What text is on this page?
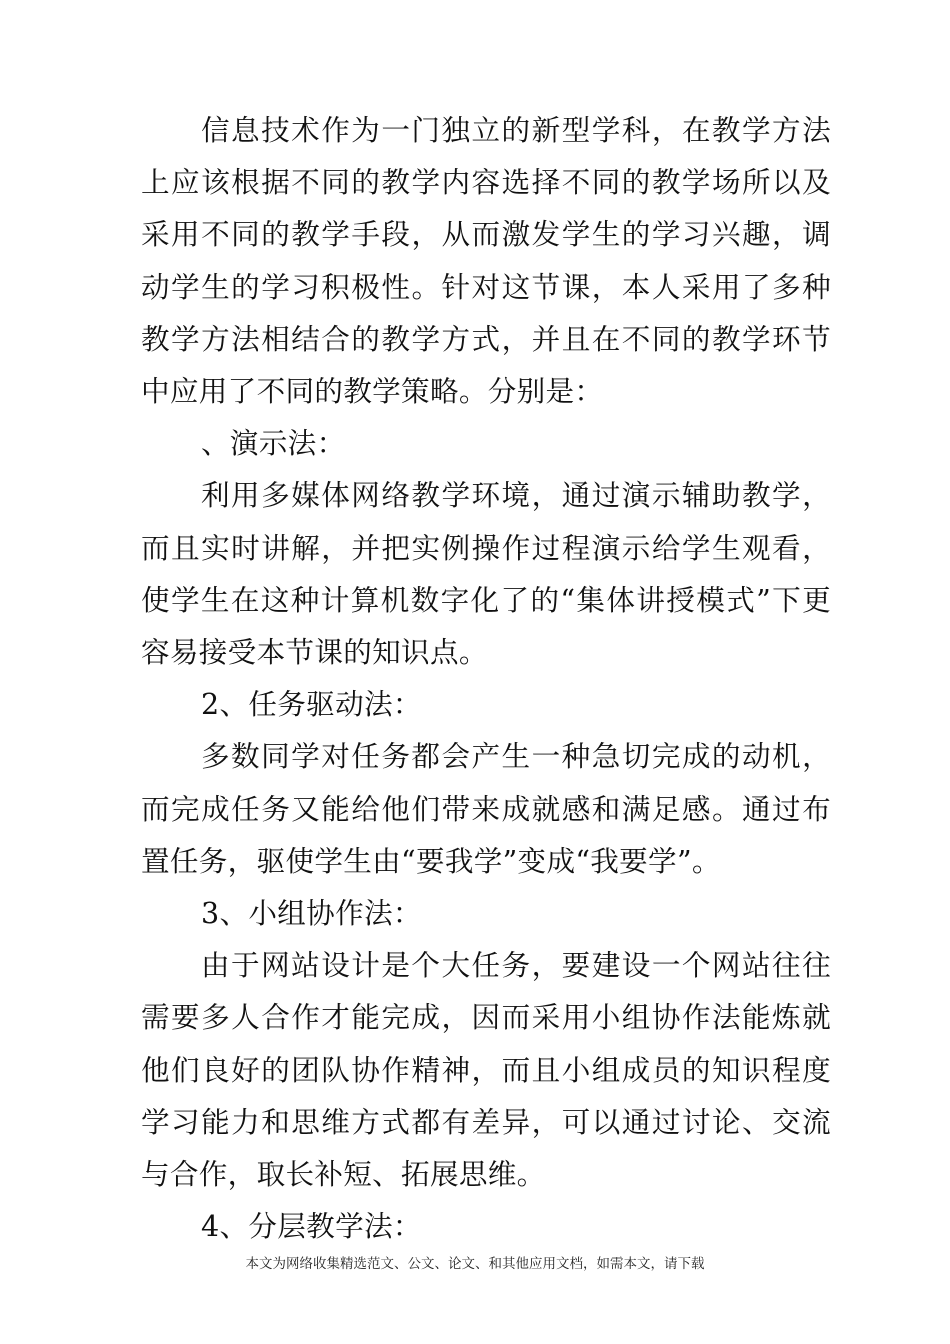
信息技术作为一门独立的新型学科，在教学方法上应该根据不同的教学内容选择不同的教学场所以及采用不同的教学手段，从而激发学生的学习兴趣，调动学生的学习积极性。针对这节课，本人采用了多种教学方法相结合的教学方式，并且在不同的教学环节中应用了不同的教学策略。分别是：

、演示法：

利用多媒体网络教学环境，通过演示辅助教学，而且实时讲解，并把实例操作过程演示给学生观看，使学生在这种计算机数字化了的“集体讲授模式”下更容易接受本节课的知识点。

2、任务驱动法：

多数同学对任务都会产生一种急切完成的动机，而完成任务又能给他们带来成就感和满足感。通过布置任务，驱使学生由“要我学”变成“我要学”。

3、小组协作法：

由于网站设计是个大任务，要建设一个网站往往需要多人合作才能完成，因而采用小组协作法能炼就他们良好的团队协作精神，而且小组成员的知识程度学习能力和思维方式都有差异，可以通过讨论、交流与合作，取长补短、拓展思维。

4、分层教学法：

本文为网络收集精选范文、公文、论文、和其他应用文档，如需本文，请下载
